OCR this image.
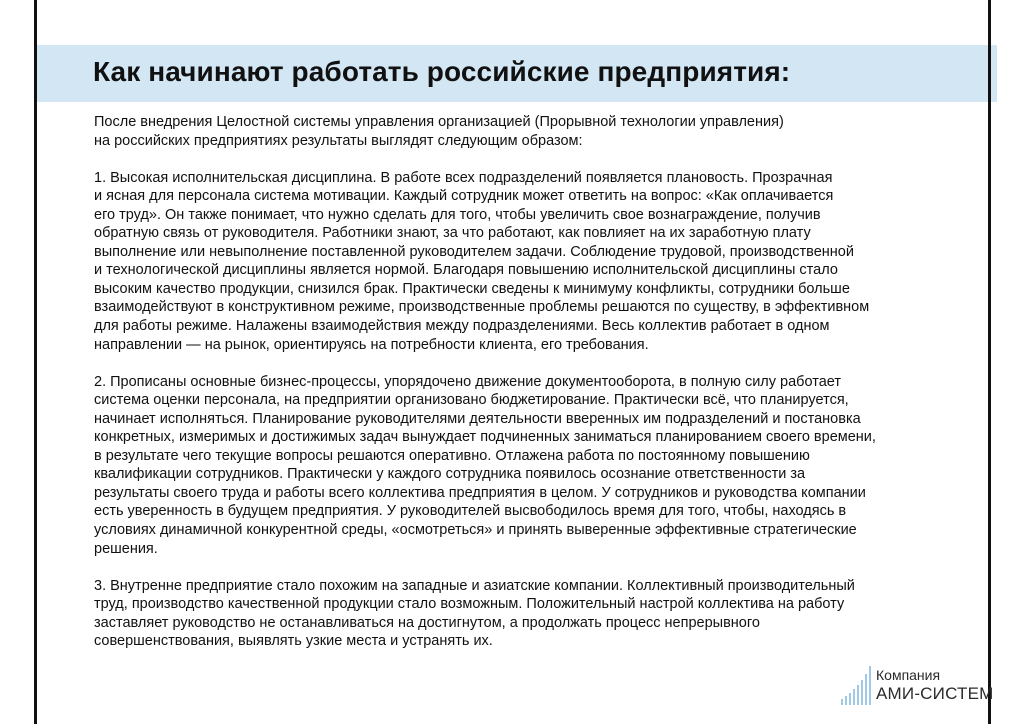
Как начинают работать российские предприятия:

После внедрения Целостной системы управления организацией (Прорывной технологии управления)
на российских предприятиях результаты выглядят следующим образом:

1. Высокая исполнительская дисциплина. В работе всех подразделений появляется плановость. Прозрачная
и ясная для персонала система мотивации. Каждый сотрудник может ответить на вопрос: «Как оплачивается
его труд». Он также понимает, что нужно сделать для того, чтобы увеличить свое вознаграждение, получив
обратную связь от руководителя. Работники знают, за что работают, как повлияет на их заработную плату
выполнение или невыполнение поставленной руководителем задачи. Соблюдение трудовой, производственной
и технологической дисциплины является нормой. Благодаря повышению исполнительской дисциплины стало
высоким качество продукции, снизился брак. Практически сведены к минимуму конфликты, сотрудники больше
взаимодействуют в конструктивном режиме, производственные проблемы решаются по существу, в эффективном
для работы режиме. Налажены взаимодействия между подразделениями. Весь коллектив работает в одном
направлении — на рынок, ориентируясь на потребности клиента, его требования.

2. Прописаны основные бизнес-процессы, упорядочено движение документооборота, в полную силу работает
система оценки персонала, на предприятии организовано бюджетирование. Практически всё, что планируется,
начинает исполняться. Планирование руководителями деятельности вверенных им подразделений и постановка
конкретных, измеримых и достижимых задач вынуждает подчиненных заниматься планированием своего времени,
в результате чего текущие вопросы решаются оперативно. Отлажена работа по постоянному повышению
квалификации сотрудников. Практически у каждого сотрудника появилось осознание ответственности за
результаты своего труда и работы всего коллектива предприятия в целом. У сотрудников и руководства компании
есть уверенность в будущем предприятия. У руководителей высвободилось время для того, чтобы, находясь в
условиях динамичной конкурентной среды, «осмотреться» и принять выверенные эффективные стратегические
решения.

3. Внутренне предприятие стало похожим на западные и азиатские компании. Коллективный производительный
труд, производство качественной продукции стало возможным. Положительный настрой коллектива на работу
заставляет руководство не останавливаться на достигнутом, а продолжать процесс непрерывного
совершенствования, выявлять узкие места и устранять их.

Компания
АМИ-СИСТЕМ
